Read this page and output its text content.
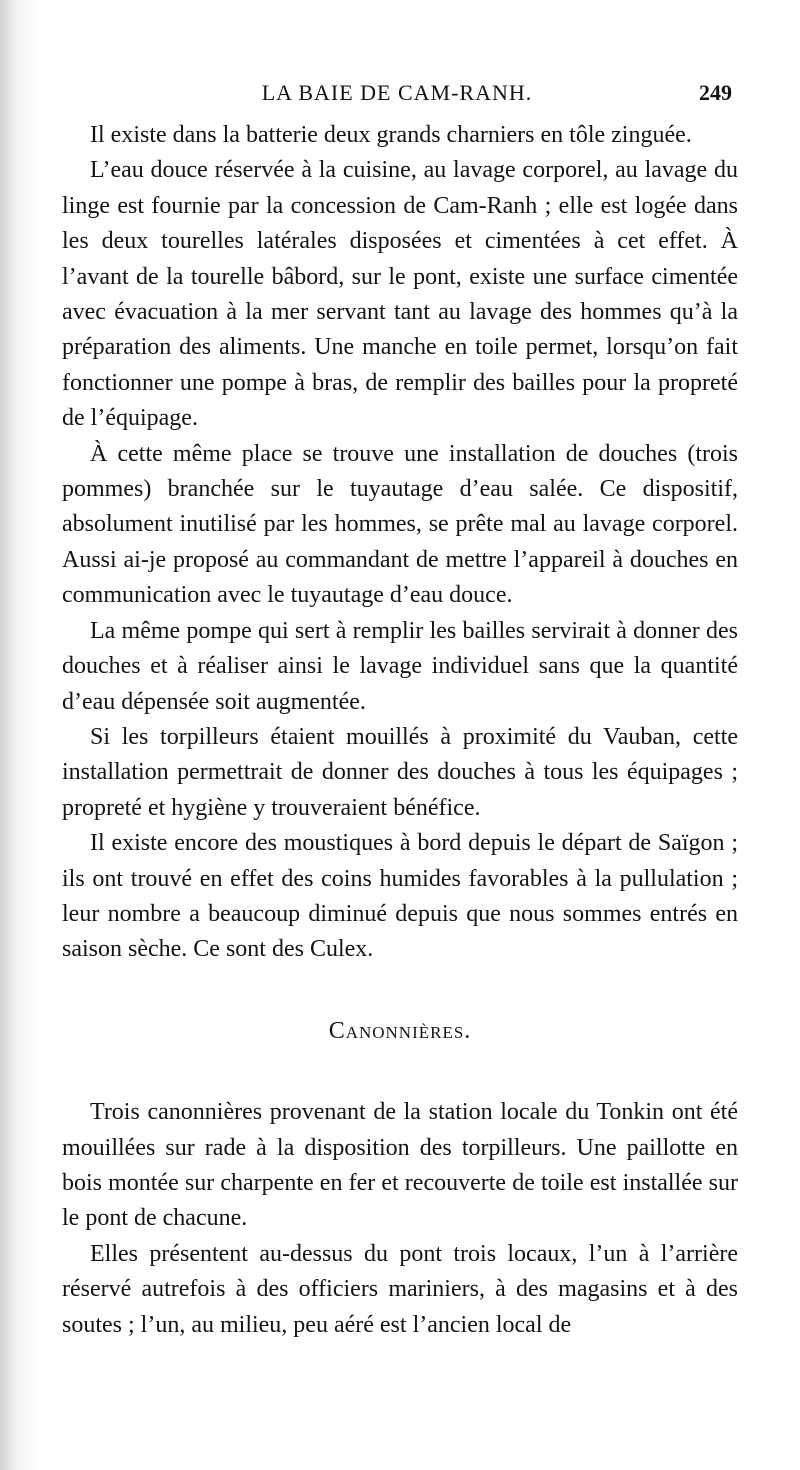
LA BAIE DE CAM-RANH.	249

Il existe dans la batterie deux grands charniers en tôle zinguée.

L’eau douce réservée à la cuisine, au lavage corporel, au lavage du linge est fournie par la concession de Cam-Ranh ; elle est logée dans les deux tourelles latérales disposées et cimentées à cet effet. À l’avant de la tourelle bâbord, sur le pont, existe une surface cimentée avec évacuation à la mer servant tant au lavage des hommes qu’à la préparation des aliments. Une manche en toile permet, lorsqu’on fait fonctionner une pompe à bras, de remplir des bailles pour la propreté de l’équipage.

À cette même place se trouve une installation de douches (trois pommes) branchée sur le tuyautage d’eau salée. Ce dispositif, absolument inutilisé par les hommes, se prête mal au lavage corporel. Aussi ai-je proposé au commandant de mettre l’appareil à douches en communication avec le tuyautage d’eau douce.

La même pompe qui sert à remplir les bailles servirait à donner des douches et à réaliser ainsi le lavage individuel sans que la quantité d’eau dépensée soit augmentée.

Si les torpilleurs étaient mouillés à proximité du Vauban, cette installation permettrait de donner des douches à tous les équipages ; propreté et hygiène y trouveraient bénéfice.

Il existe encore des moustiques à bord depuis le départ de Saïgon ; ils ont trouvé en effet des coins humides favorables à la pullulation ; leur nombre a beaucoup diminué depuis que nous sommes entrés en saison sèche. Ce sont des Culex.

Canonnières.

Trois canonnières provenant de la station locale du Tonkin ont été mouillées sur rade à la disposition des torpilleurs. Une paillotte en bois montée sur charpente en fer et recouverte de toile est installée sur le pont de chacune.

Elles présentent au-dessus du pont trois locaux, l’un à l’arrière réservé autrefois à des officiers mariniers, à des magasins et à des soutes ; l’un, au milieu, peu aéré est l’ancien local de
